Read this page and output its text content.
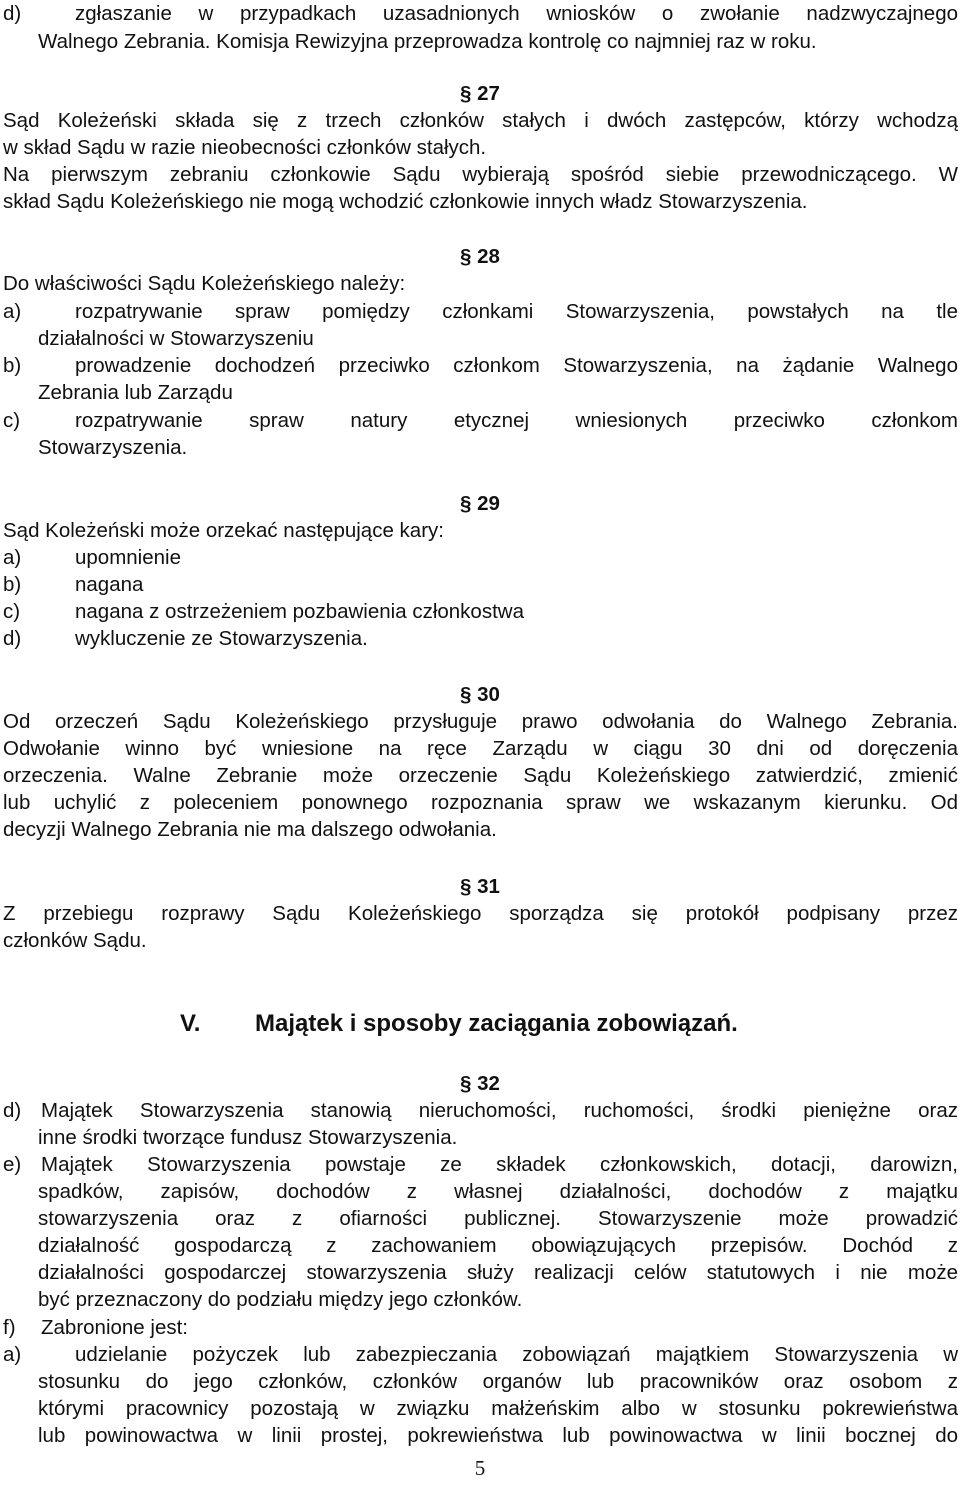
d)	zgłaszanie w przypadkach uzasadnionych wniosków o zwołanie nadzwyczajnego
Walnego Zebrania. Komisja Rewizyjna przeprowadza kontrolę co najmniej raz w roku.
§ 27
Sąd Koleżeński składa się z trzech członków stałych i dwóch zastępców, którzy wchodzą
w skład Sądu w razie nieobecności członków stałych.
Na pierwszym zebraniu członkowie Sądu wybierają spośród siebie przewodniczącego. W
skład Sądu Koleżeńskiego nie mogą wchodzić członkowie innych władz Stowarzyszenia.
§ 28
Do właściwości Sądu Koleżeńskiego należy:
a)	rozpatrywanie spraw pomiędzy członkami Stowarzyszenia, powstałych na tle
działalności w Stowarzyszeniu
b)	prowadzenie dochodzeń przeciwko członkom Stowarzyszenia, na żądanie Walnego
Zebrania lub Zarządu
c)	rozpatrywanie spraw natury etycznej wniesionych przeciwko członkom
Stowarzyszenia.
§ 29
Sąd Koleżeński może orzekać następujące kary:
a)	upomnienie
b)	nagana
c)	nagana z ostrzeżeniem pozbawienia członkostwa
d)	wykluczenie ze Stowarzyszenia.
§ 30
Od orzeczeń Sądu Koleżeńskiego przysługuje prawo odwołania do Walnego Zebrania.
Odwołanie winno być wniesione na ręce Zarządu w ciągu 30 dni od doręczenia
orzeczenia. Walne Zebranie może orzeczenie Sądu Koleżeńskiego zatwierdzić, zmienić
lub uchylić z poleceniem ponownego rozpoznania spraw we wskazanym kierunku. Od
decyzji Walnego Zebrania nie ma dalszego odwołania.
§ 31
Z przebiegu rozprawy Sądu Koleżeńskiego sporządza się protokół podpisany przez
członków Sądu.
V. Majątek i sposoby zaciągania zobowiązań.
§ 32
d) Majątek Stowarzyszenia stanowią nieruchomości, ruchomości, środki pieniężne oraz
inne środki tworzące fundusz Stowarzyszenia.
e) Majątek Stowarzyszenia powstaje ze składek członkowskich, dotacji, darowizn,
spadków, zapisów, dochodów z własnej działalności, dochodów z majątku
stowarzyszenia oraz z ofiarności publicznej. Stowarzyszenie może prowadzić
działalność gospodarczą z zachowaniem obowiązujących przepisów. Dochód z
działalności gospodarczej stowarzyszenia służy realizacji celów statutowych i nie może
być przeznaczony do podziału między jego członków.
f) Zabronione jest:
a)	udzielanie pożyczek lub zabezpieczania zobowiązań majątkiem Stowarzyszenia w
stosunku do jego członków, członków organów lub pracowników oraz osobom z
którymi pracownicy pozostają w związku małżeńskim albo w stosunku pokrewieństwa
lub powinowactwa w linii prostej, pokrewieństwa lub powinowactwa w linii bocznej do
5
